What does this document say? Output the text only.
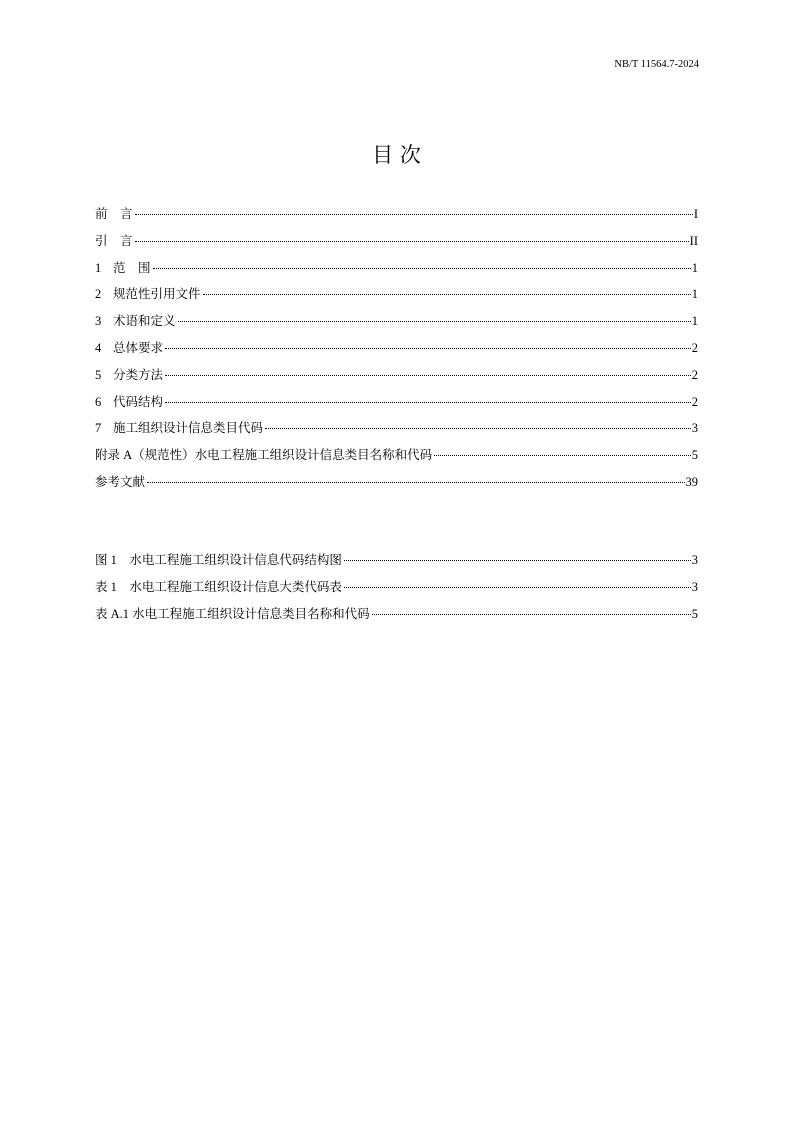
NB/T 11564.7-2024
目 次
前　言	I
引　言	II
1 范　围	1
2 规范性引用文件	1
3 术语和定义	1
4 总体要求	2
5 分类方法	2
6 代码结构	2
7 施工组织设计信息类目代码	3
附录 A（规范性）水电工程施工组织设计信息类目名称和代码	5
参考文献	39
图 1　水电工程施工组织设计信息代码结构图	3
表 1　水电工程施工组织设计信息大类代码表	3
表 A.1 水电工程施工组织设计信息类目名称和代码	5
